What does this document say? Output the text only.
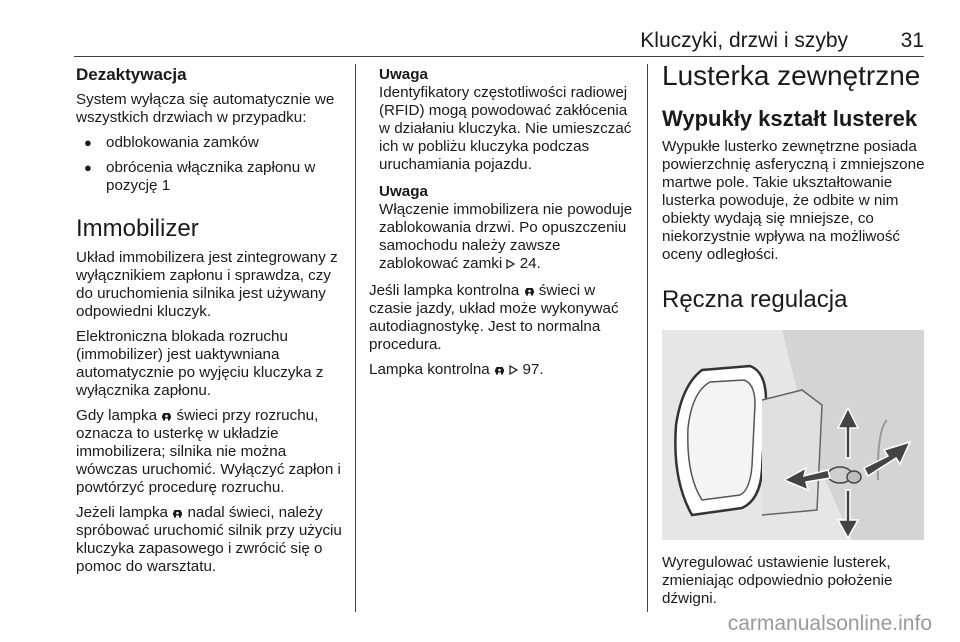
Kluczyki, drzwi i szyby	31
Dezaktywacja

System wyłącza się automatycznie we wszystkich drzwiach w przypadku:

● odblokowania zamków
● obrócenia włącznika zapłonu w pozycję 1
Immobilizer

Układ immobilizera jest zintegrowany z wyłącznikiem zapłonu i sprawdza, czy do uruchomienia silnika jest używany odpowiedni kluczyk.

Elektroniczna blokada rozruchu (immobilizer) jest uaktywniana automatycznie po wyjęciu kluczyka z wyłącznika zapłonu.

Gdy lampka świeci przy rozruchu, oznacza to usterkę w układzie immobilizera; silnika nie można wówczas uruchomić. Wyłączyć zapłon i powtórzyć procedurę rozruchu.

Jeżeli lampka nadal świeci, należy spróbować uruchomić silnik przy użyciu kluczyka zapasowego i zwrócić się o pomoc do warsztatu.

Uwaga
Identyfikatory częstotliwości radiowej (RFID) mogą powodować zakłócenia w działaniu kluczyka. Nie umieszczać ich w pobliżu kluczyka podczas uruchamiania pojazdu.
Uwaga
Włączenie immobilizera nie powoduje zablokowania drzwi. Po opuszczeniu samochodu należy zawsze zablokować zamki 24.

Jeśli lampka kontrolna świeci w czasie jazdy, układ może wykonywać autodiagnostykę. Jest to normalna procedura.

Lampka kontrolna 97.

Lusterka zewnętrzne
Wypukły kształt lusterek

Wypukłe lusterko zewnętrzne posiada powierzchnię asferyczną i zmniejszone martwe pole. Takie ukształtowanie lusterka powoduje, że odbite w nim obiekty wydają się mniejsze, co niekorzystnie wpływa na możliwość oceny odległości.

Ręczna regulacja

Wyregulować ustawienie lusterek, zmieniając odpowiednio położenie dźwigni.

carmanualsonline.info
